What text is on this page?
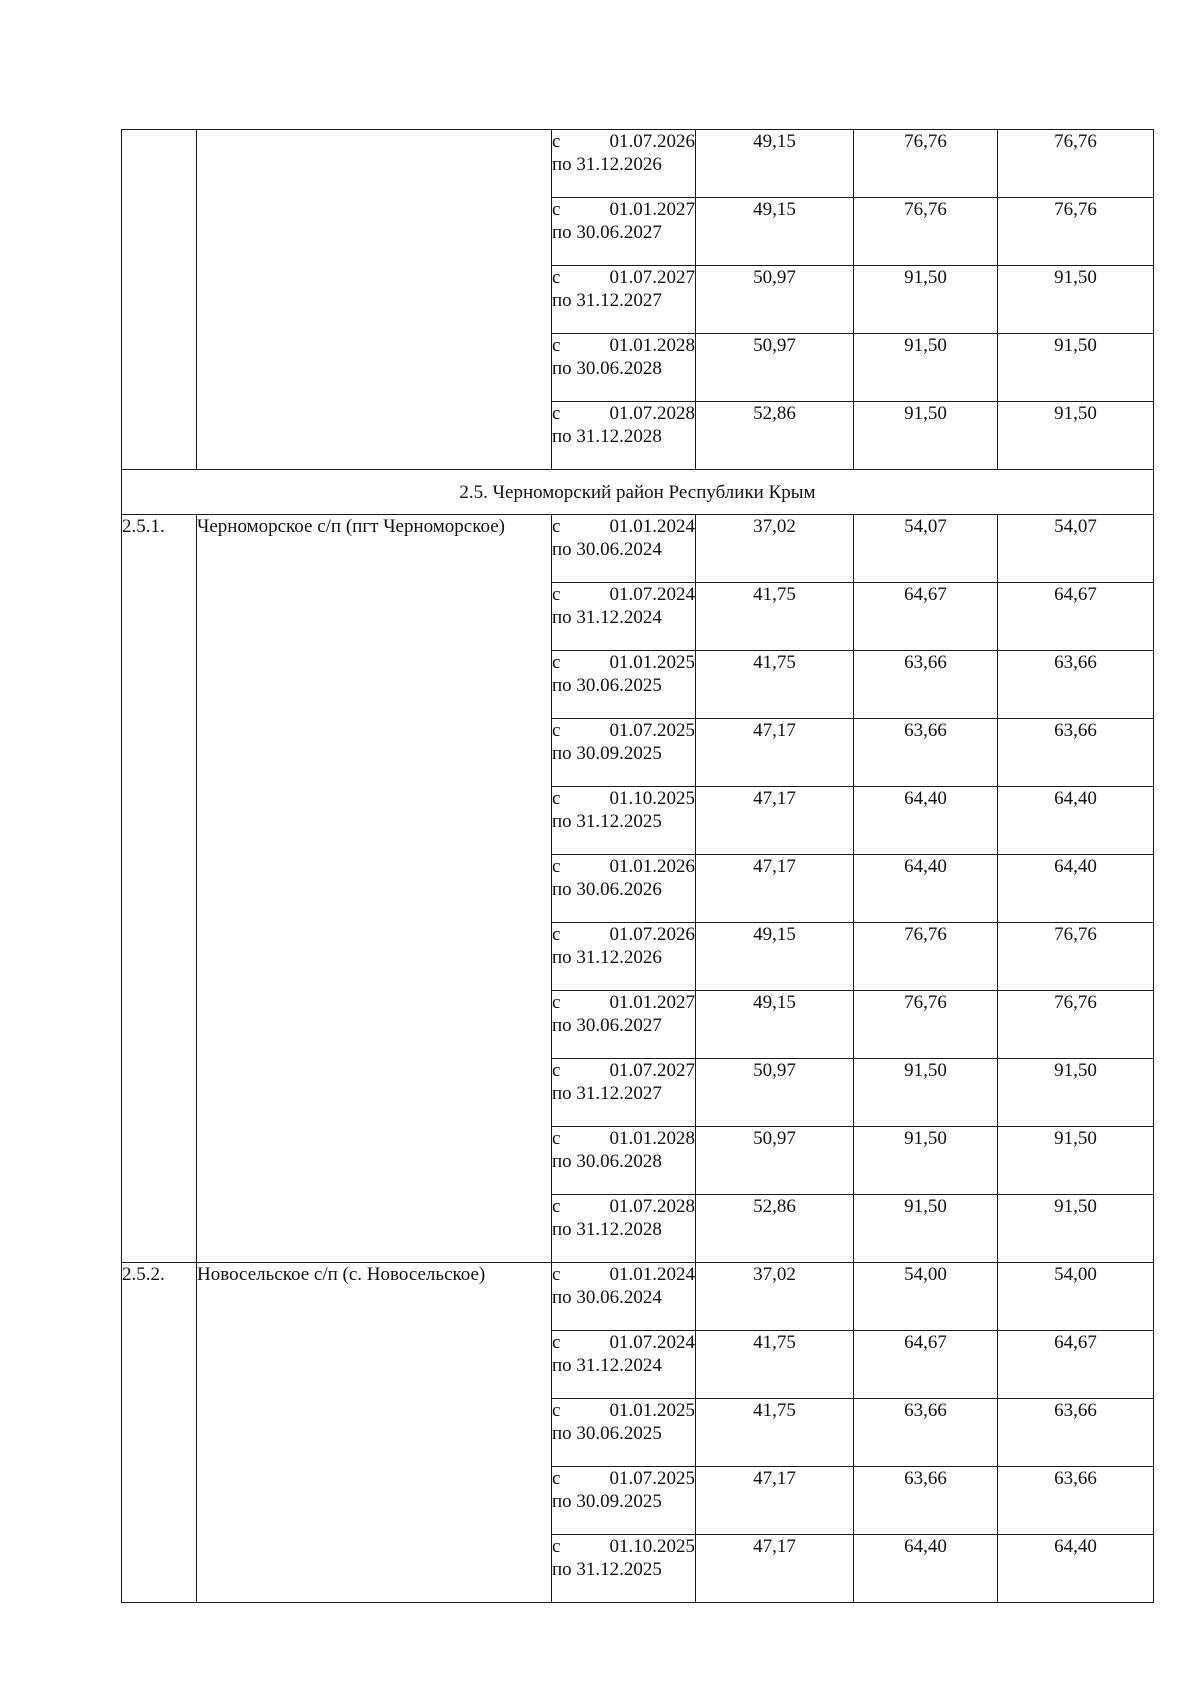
		с 01.07.2026
по 31.12.2026	49,15	76,76	76,76

		с 01.01.2027
по 30.06.2027	49,15	76,76	76,76

		с 01.07.2027
по 31.12.2027	50,97	91,50	91,50

		с 01.01.2028
по 30.06.2028	50,97	91,50	91,50

		с 01.07.2028
по 31.12.2028	52,86	91,50	91,50
2.5. Черноморский район Республики Крым					
2.5.1.	Черноморское с/п (пгт Черноморское)	с 01.01.2024
по 30.06.2024	37,02	54,07	54,07

		с 01.07.2024
по 31.12.2024	41,75	64,67	64,67

		с 01.01.2025
по 30.06.2025	41,75	63,66	63,66

		с 01.07.2025
по 30.09.2025	47,17	63,66	63,66

		с 01.10.2025
по 31.12.2025	47,17	64,40	64,40

		с 01.01.2026
по 30.06.2026	47,17	64,40	64,40

		с 01.07.2026
по 31.12.2026	49,15	76,76	76,76

		с 01.01.2027
по 30.06.2027	49,15	76,76	76,76

		с 01.07.2027
по 31.12.2027	50,97	91,50	91,50

		с 01.01.2028
по 30.06.2028	50,97	91,50	91,50

		с 01.07.2028
по 31.12.2028	52,86	91,50	91,50
2.5.2.	Новосельское с/п (с. Новосельское)	с 01.01.2024
по 30.06.2024	37,02	54,00	54,00

		с 01.07.2024
по 31.12.2024	41,75	64,67	64,67

		с 01.01.2025
по 30.06.2025	41,75	63,66	63,66

		с 01.07.2025
по 30.09.2025	47,17	63,66	63,66

		с 01.10.2025
по 31.12.2025	47,17	64,40	64,40
